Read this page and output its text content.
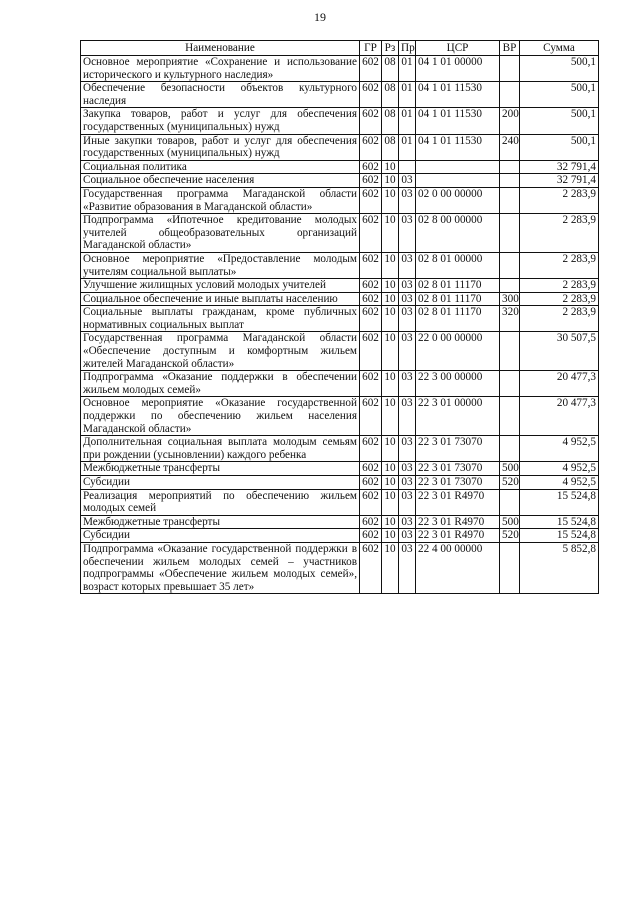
19
Наименование	ГР	Рз	Пр	ЦСР	ВР	Сумма
Основное мероприятие «Сохранение и использование исторического и культурного наследия»	602	08	01	04 1 01 00000		500,1
Обеспечение безопасности объектов культурного наследия	602	08	01	04 1 01 11530		500,1
Закупка товаров, работ и услуг для обеспечения государственных (муниципальных) нужд	602	08	01	04 1 01 11530	200	500,1
Иные закупки товаров, работ и услуг для обеспечения государственных (муниципальных) нужд	602	08	01	04 1 01 11530	240	500,1
Социальная политика	602	10				32 791,4
Социальное обеспечение населения	602	10	03			32 791,4
Государственная программа Магаданской области «Развитие образования в Магаданской области»	602	10	03	02 0 00 00000		2 283,9
Подпрограмма «Ипотечное кредитование молодых учителей общеобразовательных организаций Магаданской области»	602	10	03	02 8 00 00000		2 283,9
Основное мероприятие «Предоставление молодым учителям социальной выплаты»	602	10	03	02 8 01 00000		2 283,9
Улучшение жилищных условий молодых учителей	602	10	03	02 8 01 11170		2 283,9
Социальное обеспечение и иные выплаты населению	602	10	03	02 8 01 11170	300	2 283,9
Социальные выплаты гражданам, кроме публичных нормативных социальных выплат	602	10	03	02 8 01 11170	320	2 283,9
Государственная программа Магаданской области «Обеспечение доступным и комфортным жильем жителей Магаданской области»	602	10	03	22 0 00 00000		30 507,5
Подпрограмма «Оказание поддержки в обеспечении жильем молодых семей»	602	10	03	22 3 00 00000		20 477,3
Основное мероприятие «Оказание государственной поддержки по обеспечению жильем населения Магаданской области»	602	10	03	22 3 01 00000		20 477,3
Дополнительная социальная выплата молодым семьям при рождении (усыновлении) каждого ребенка	602	10	03	22 3 01 73070		4 952,5
Межбюджетные трансферты	602	10	03	22 3 01 73070	500	4 952,5
Субсидии	602	10	03	22 3 01 73070	520	4 952,5
Реализация мероприятий по обеспечению жильем молодых семей	602	10	03	22 3 01 R4970		15 524,8
Межбюджетные трансферты	602	10	03	22 3 01 R4970	500	15 524,8
Субсидии	602	10	03	22 3 01 R4970	520	15 524,8
Подпрограмма «Оказание государственной поддержки в обеспечении жильем молодых семей – участников подпрограммы «Обеспечение жильем молодых семей», возраст которых превышает 35 лет»	602	10	03	22 4 00 00000		5 852,8
